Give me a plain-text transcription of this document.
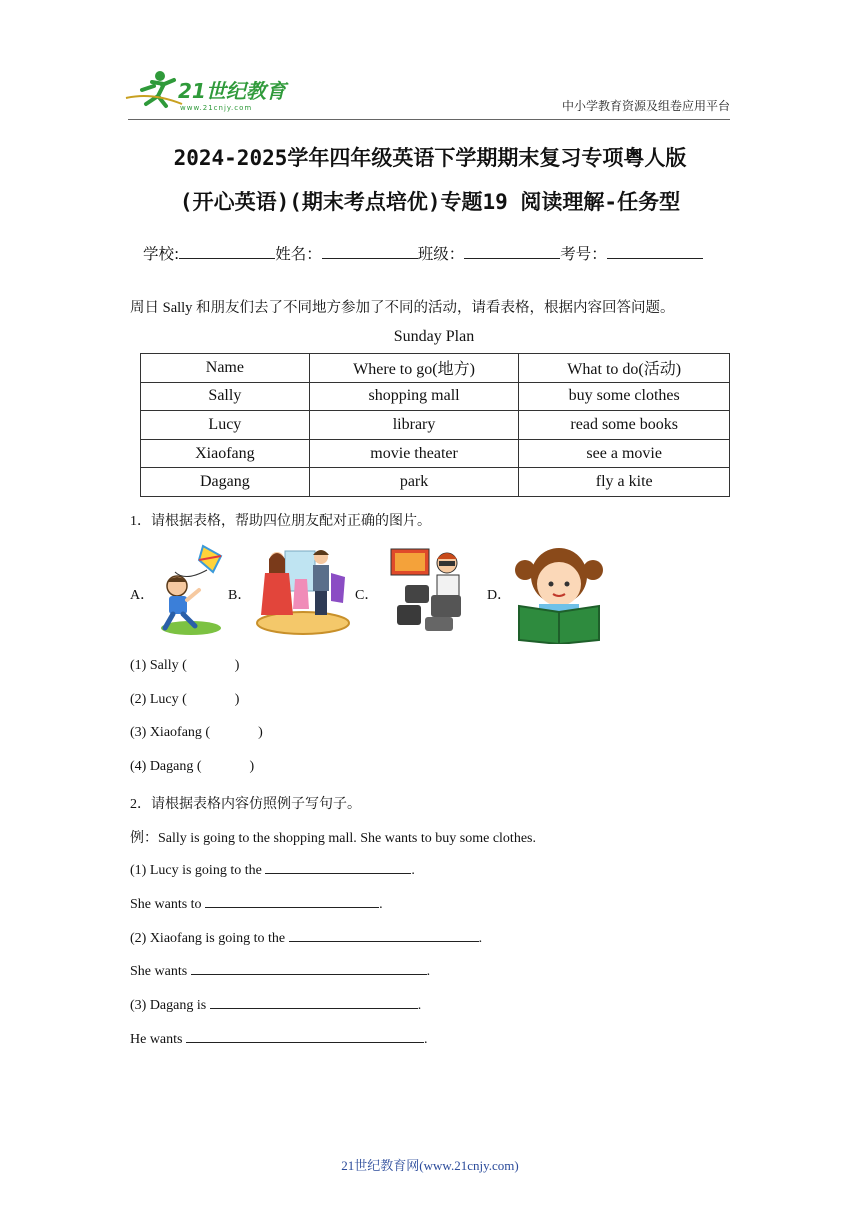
21世纪教育
www.21cnjy.com	中小学教育资源及组卷应用平台
2024-2025学年四年级英语下学期期末复习专项粤人版
(开心英语)(期末考点培优)专题19 阅读理解-任务型
学校:	姓名：	班级：	考号：
周日 Sally 和朋友们去了不同地方参加了不同的活动，请看表格，根据内容回答问题。
Sunday Plan
Name	Where to go(地方)	What to do(活动)
Sally	shopping mall	buy some clothes
Lucy	library	read some books
Xiaofang	movie theater	see a movie
Dagang	park	fly a kite
1．请根据表格，帮助四位朋友配对正确的图片。
A．	B．	C．	D．
(1) Sally (	)
(2) Lucy (	)
(3) Xiaofang (	)
(4) Dagang (	)
2．请根据表格内容仿照例子写句子。
例：Sally is going to the shopping mall. She wants to buy some clothes.
(1) Lucy is going to the	.
She wants to	.
(2) Xiaofang is going to the	.
She wants	.
(3) Dagang is	.
He wants	.
21世纪教育网(www.21cnjy.com)
